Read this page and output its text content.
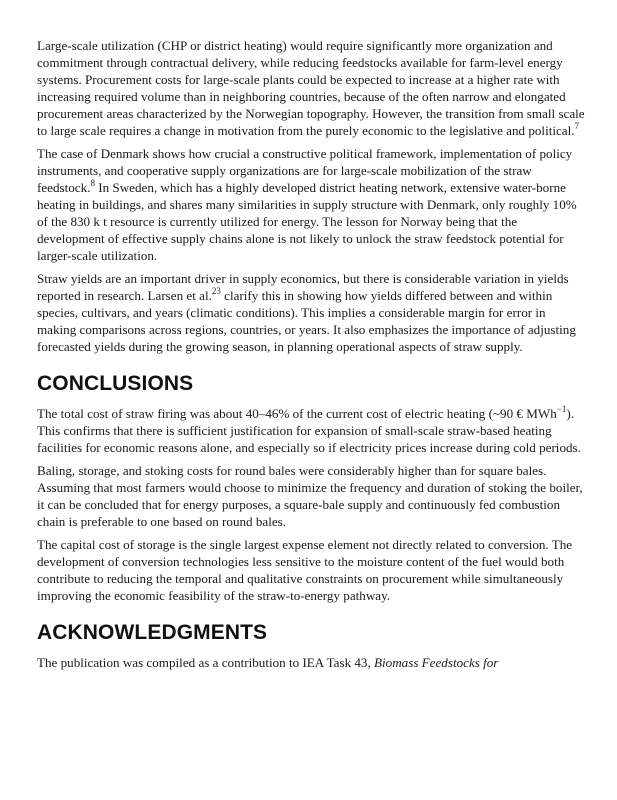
Large-scale utilization (CHP or district heating) would require significantly more organization and commitment through contractual delivery, while reducing feedstocks available for farm-level energy systems. Procurement costs for large-scale plants could be expected to increase at a higher rate with increasing required volume than in neighboring countries, because of the often narrow and elongated procurement areas characterized by the Norwegian topography. However, the transition from small scale to large scale requires a change in motivation from the purely economic to the legislative and political.$^7$

The case of Denmark shows how crucial a constructive political framework, implementation of policy instruments, and cooperative supply organizations are for large-scale mobilization of the straw feedstock.$^8$ In Sweden, which has a highly developed district heating network, extensive water-borne heating in buildings, and shares many similarities in supply structure with Denmark, only roughly 10% of the 830 k t resource is currently utilized for energy. The lesson for Norway being that the development of effective supply chains alone is not likely to unlock the straw feedstock potential for larger-scale utilization.

Straw yields are an important driver in supply economics, but there is considerable variation in yields reported in research. Larsen et al.$^{23}$ clarify this in showing how yields differed between and within species, cultivars, and years (climatic conditions). This implies a considerable margin for error in making comparisons across regions, countries, or years. It also emphasizes the importance of adjusting forecasted yields during the growing season, in planning operational aspects of straw supply.

CONCLUSIONS

The total cost of straw firing was about 40–46% of the current cost of electric heating (~90 € MWh$^{-1}$). This confirms that there is sufficient justification for expansion of small-scale straw-based heating facilities for economic reasons alone, and especially so if electricity prices increase during cold periods.

Baling, storage, and stoking costs for round bales were considerably higher than for square bales. Assuming that most farmers would choose to minimize the frequency and duration of stoking the boiler, it can be concluded that for energy purposes, a square-bale supply and continuously fed combustion chain is preferable to one based on round bales.

The capital cost of storage is the single largest expense element not directly related to conversion. The development of conversion technologies less sensitive to the moisture content of the fuel would both contribute to reducing the temporal and qualitative constraints on procurement while simultaneously improving the economic feasibility of the straw-to-energy pathway.

ACKNOWLEDGMENTS

The publication was compiled as a contribution to IEA Task 43, Biomass Feedstocks for
